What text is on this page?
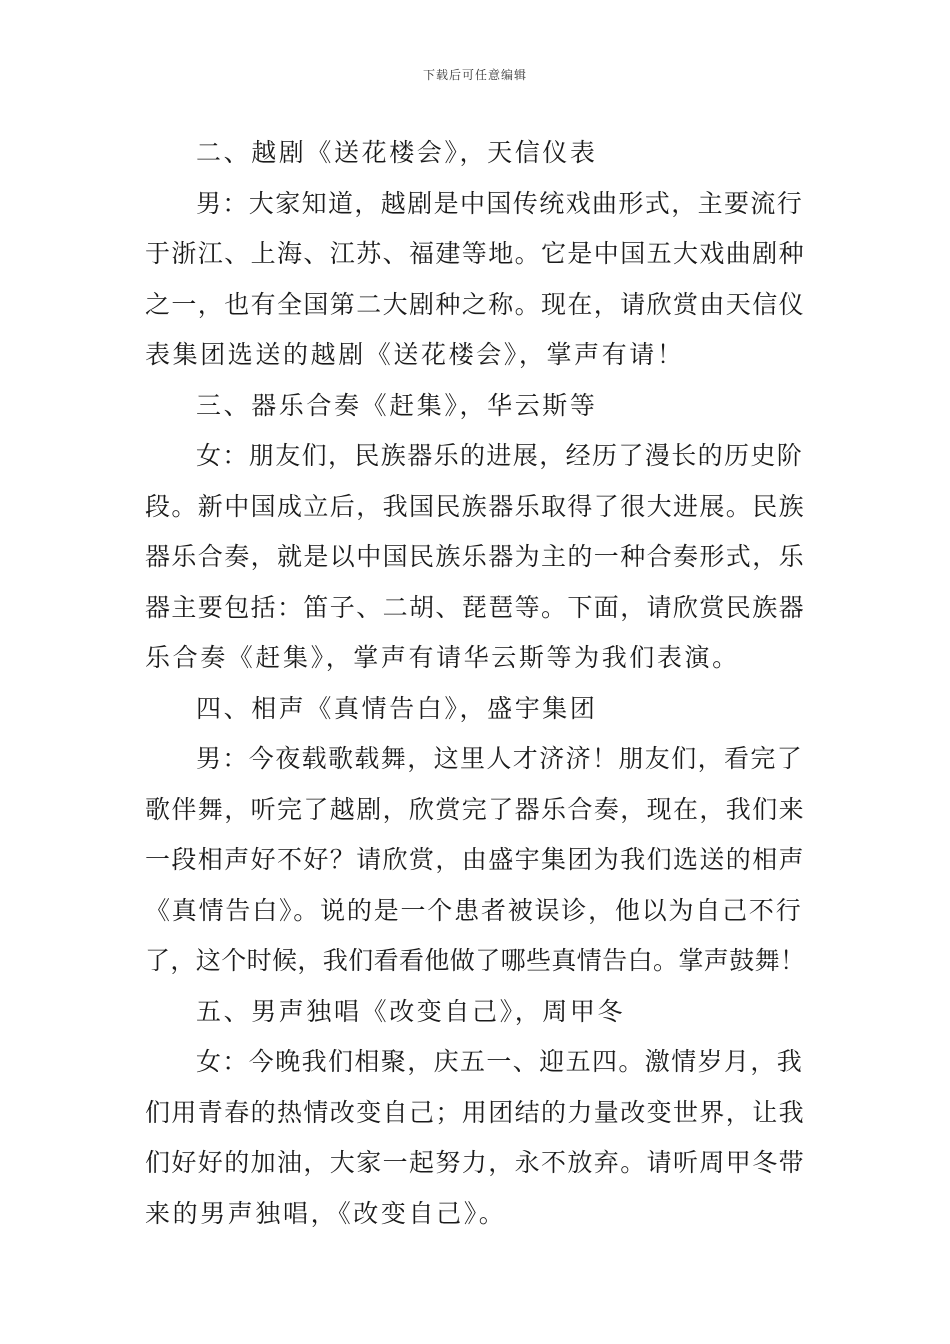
下载后可任意编辑
二、越剧《送花楼会》，天信仪表
男：大家知道，越剧是中国传统戏曲形式，主要流行
于浙江、上海、江苏、福建等地。它是中国五大戏曲剧种
之一，也有全国第二大剧种之称。现在，请欣赏由天信仪
表集团选送的越剧《送花楼会》，掌声有请！
三、器乐合奏《赶集》，华云斯等
女：朋友们，民族器乐的进展，经历了漫长的历史阶
段。新中国成立后，我国民族器乐取得了很大进展。民族
器乐合奏，就是以中国民族乐器为主的一种合奏形式，乐
器主要包括：笛子、二胡、琵琶等。下面，请欣赏民族器
乐合奏《赶集》，掌声有请华云斯等为我们表演。
四、相声《真情告白》，盛宇集团
男：今夜载歌载舞，这里人才济济！朋友们，看完了
歌伴舞，听完了越剧，欣赏完了器乐合奏，现在，我们来
一段相声好不好？请欣赏，由盛宇集团为我们选送的相声
《真情告白》。说的是一个患者被误诊，他以为自己不行
了，这个时候，我们看看他做了哪些真情告白。掌声鼓舞！
五、男声独唱《改变自己》，周甲冬
女：今晚我们相聚，庆五一、迎五四。激情岁月，我
们用青春的热情改变自己；用团结的力量改变世界，让我
们好好的加油，大家一起努力，永不放弃。请听周甲冬带
来的男声独唱，《改变自己》。
